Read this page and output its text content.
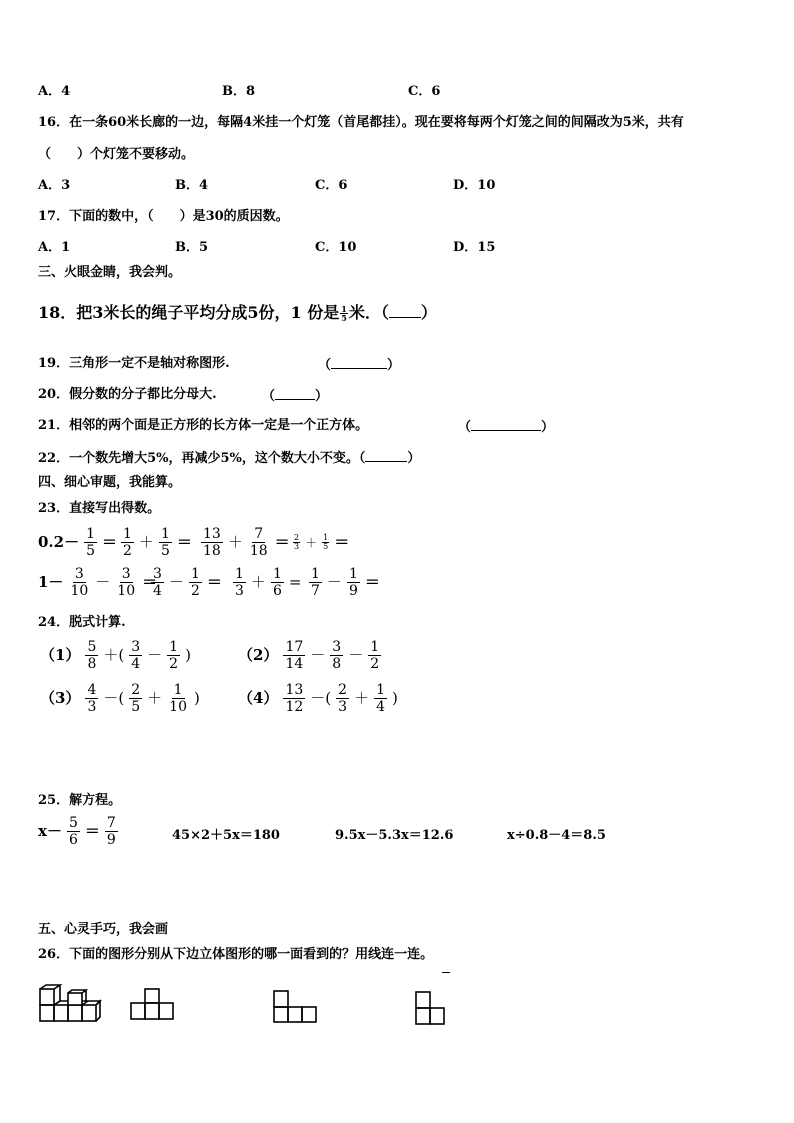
A．4	B．8	C．6
16．在一条60米长廊的一边，每隔4米挂一个灯笼（首尾都挂）。现在要将每两个灯笼之间的间隔改为5米，共有
（　　）个灯笼不要移动。
A．3	B．4	C．6	D．10
17．下面的数中，（　　）是30的质因数。
A．1	B．5	C．10	D．15
三、火眼金睛，我会判。
18．把3米长的绳子平均分成5份，1 份是 $\frac{1}{5}$ 米．（ ）
19．三角形一定不是轴对称图形.	（	）
20．假分数的分子都比分母大.	（	）
21．相邻的两个面是正方形的长方体一定是一个正方体。	（	）
22．一个数先增大5%，再减少5%，这个数大小不变。（	）
四、细心审题，我能算。
23．直接写出得数。
$0.2- \frac{1}{5} = \frac{1}{2} + \frac{1}{5} = \frac{13}{18} + \frac{7}{18} = \frac{2}{3} + \frac{1}{5}$ ＝
$1- \frac{3}{10} - \frac{3}{10}$ ＝
$\frac{3}{4} - \frac{1}{2} = \frac{1}{3} + \frac{1}{6} = \frac{1}{7} - \frac{1}{9}$ ＝
24．脱式计算.
$(1) \frac{5}{8}$ ＋( $\frac{3}{4} - \frac{1}{2}$ )	$(2) \frac{17}{14} - \frac{3}{8} - \frac{1}{2}$
$(3) \frac{4}{3}$ －( $\frac{2}{5} + \frac{1}{10}$ )	$(4) \frac{13}{12}$ －( $\frac{2}{3} + \frac{1}{4}$ )
25．解方程。
$x- \frac{5}{6} = \frac{7}{9}$	45×2＋5x＝180	9.5x－5.3x＝12.6	x÷0.8－4＝8.5
五、心灵手巧，我会画
26．下面的图形分别从下边立体图形的哪一面看到的？用线连一连。
